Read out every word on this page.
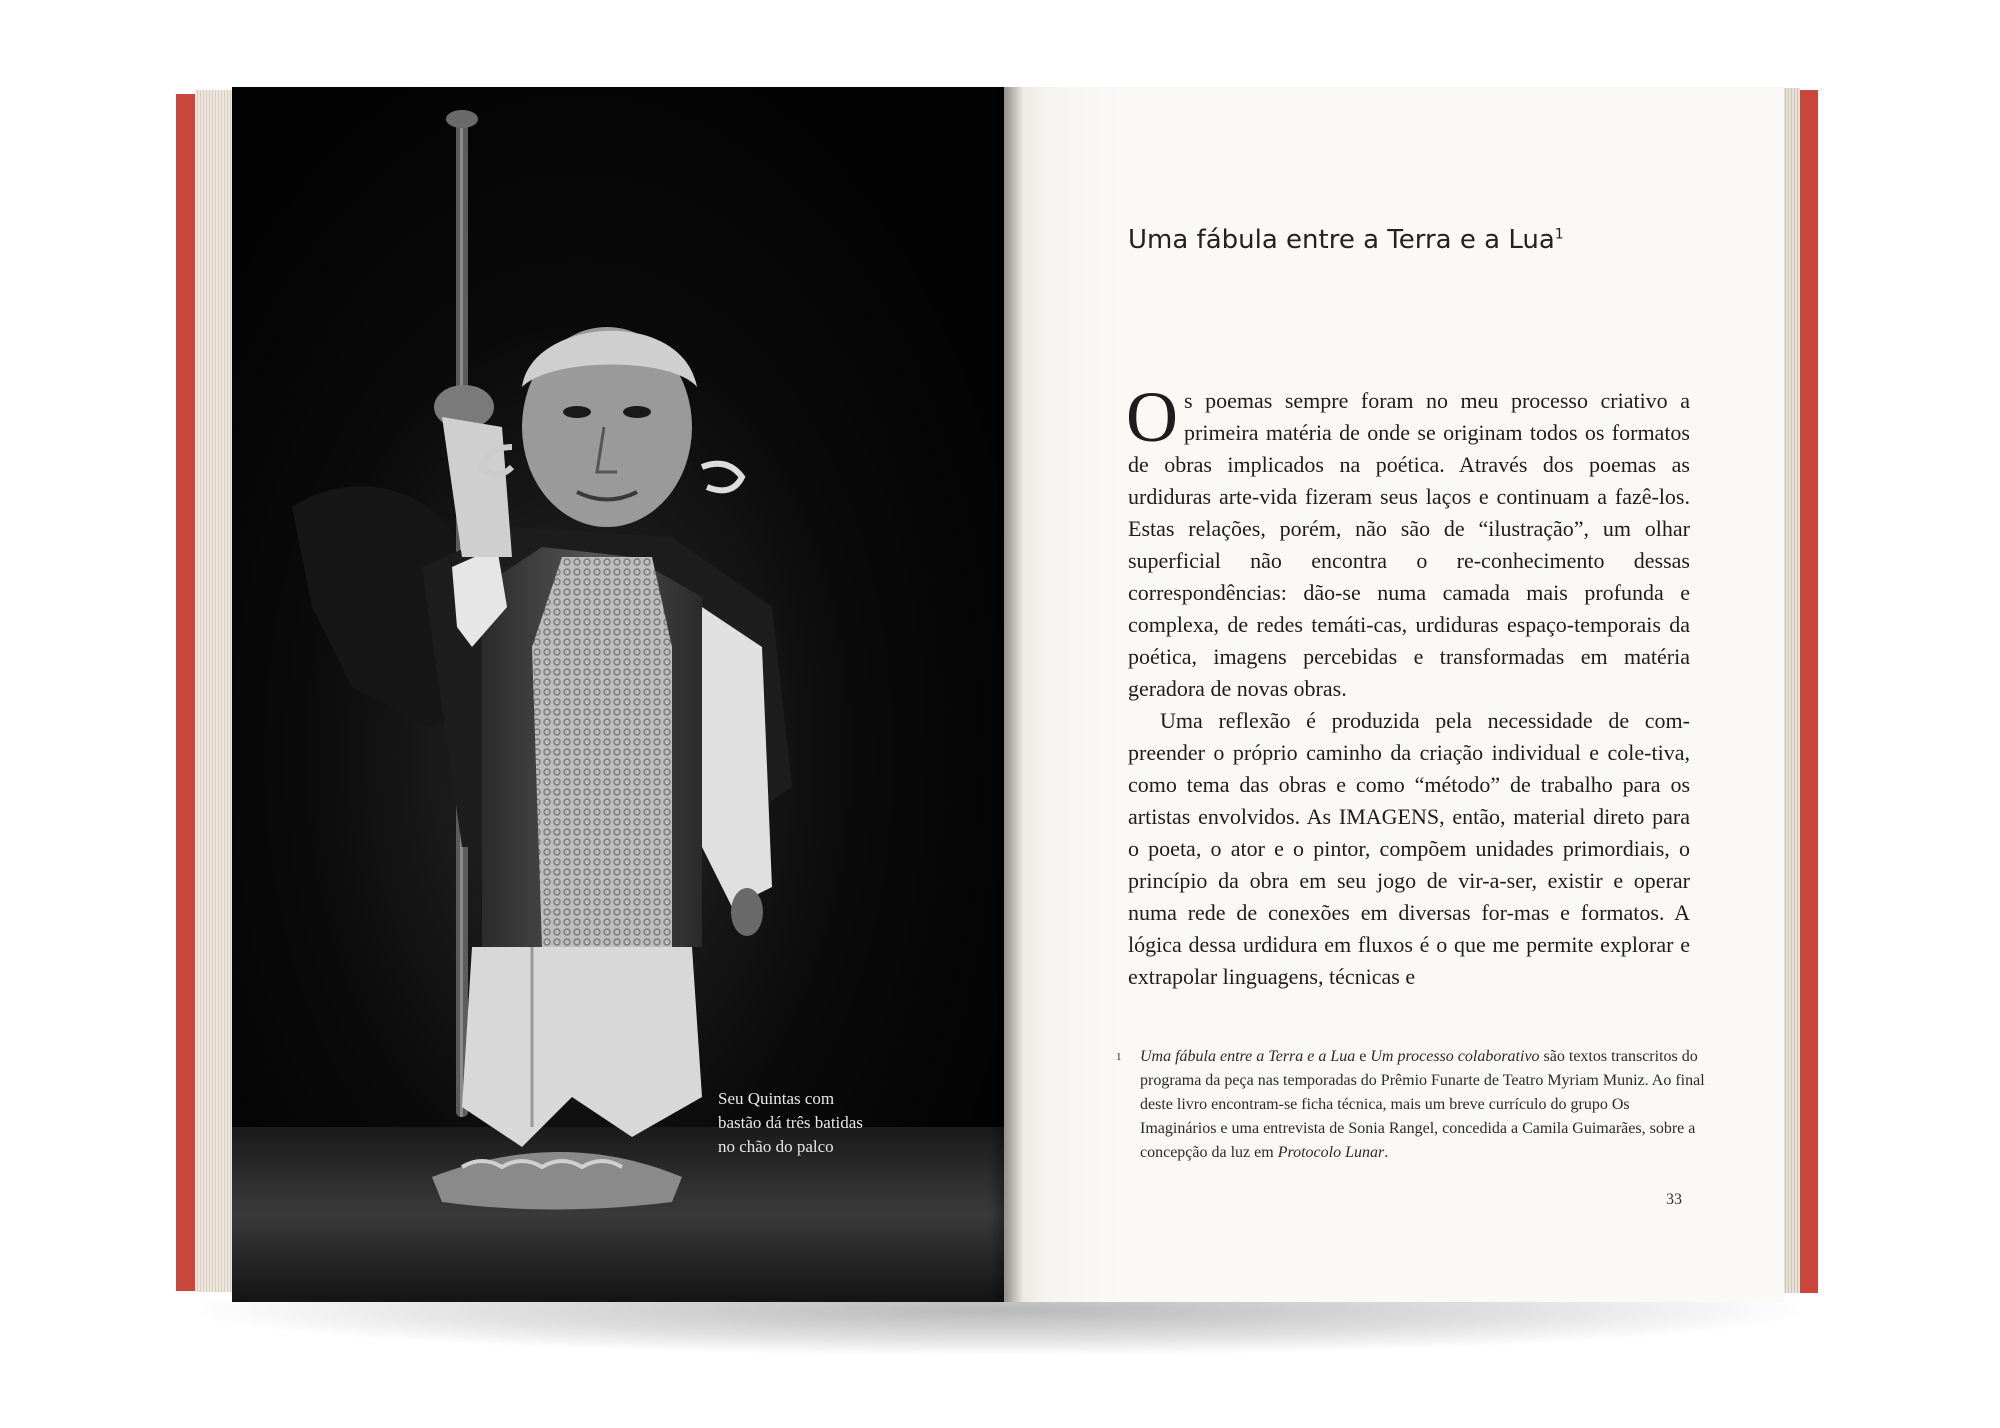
Seu Quintas com
bastão dá três batidas
no chão do palco
Uma fábula entre a Terra e a Lua$^1$

Os poemas sempre foram no meu processo criativo a primeira matéria de onde se originam todos os formatos de obras implicados na poética. Através dos poemas as urdiduras arte-vida fizeram seus laços e continuam a fazê-los. Estas relações, porém, não são de “ilustração”, um olhar superficial não encontra o re-conhecimento dessas correspondências: dão-se numa camada mais profunda e complexa, de redes temáti-cas, urdiduras espaço-temporais da poética, imagens percebidas e transformadas em matéria geradora de novas obras.

Uma reflexão é produzida pela necessidade de com-preender o próprio caminho da criação individual e cole-tiva, como tema das obras e como “método” de trabalho para os artistas envolvidos. As IMAGENS, então, material direto para o poeta, o ator e o pintor, compõem unidades primordiais, o princípio da obra em seu jogo de vir-a-ser, existir e operar numa rede de conexões em diversas for-mas e formatos. A lógica dessa urdidura em fluxos é o que me permite explorar e extrapolar linguagens, técnicas e

1 Uma fábula entre a Terra e a Lua e Um processo colaborativo são textos transcritos do programa da peça nas temporadas do Prêmio Funarte de Teatro Myriam Muniz. Ao final deste livro encontram-se ficha técnica, mais um breve currículo do grupo Os Imaginários e uma entrevista de Sonia Rangel, concedida a Camila Guimarães, sobre a concepção da luz em Protocolo Lunar.
33
